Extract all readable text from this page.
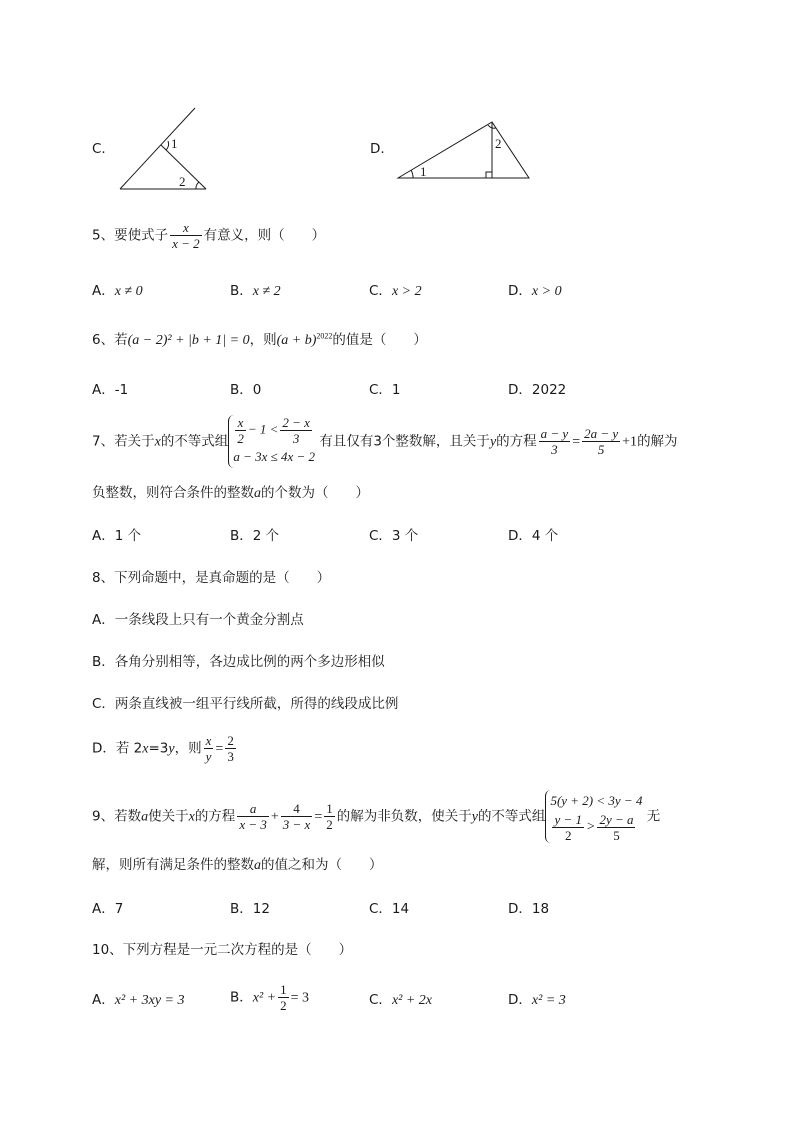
C.	1
2
D.
1
2
5、要使式子 $\frac{x}{x - 2}$ 有意义，则（　　）
A．x ≠ 0	B．x ≠ 2	C．x > 2	D．x > 0
6、若(a − 2)² + |b + 1| = 0，则$(a + b)^{2022}$的值是（　　）
A．-1	B．0	C．1	D．2022
7、若关于x的不等式组 $\frac{x}{2} - 1 < \frac{2 - x}{3}$
a − 3x ≤ 4x − 2
有且仅有3个整数解，且关于y的方程 $\frac{a - y}{3} = \frac{2a - y}{5} +1$的解为
负整数，则符合条件的整数a的个数为（　　）
A．1 个	B．2 个	C．3 个	D．4 个
8、下列命题中，是真命题的是（　　）
A．一条线段上只有一个黄金分割点
B．各角分别相等，各边成比例的两个多边形相似
C．两条直线被一组平行线所截，所得的线段成比例
D．若 2x=3y，则 $\frac{x}{y} = \frac{2}{3}$
9、若数a使关于x的方程 $\frac{a}{x - 3} + \frac{4}{3 - x} = \frac{1}{2}$ 的解为非负数，使关于y的不等式组
5(y + 2) < 3y − 4
$\frac{y - 1}{2} > \frac{2y - a}{5}$ 无
解，则所有满足条件的整数a的值之和为（　　）
A．7	B．12	C．14	D．18
10、下列方程是一元二次方程的是（　　）
A．x² + 3xy = 3	B．$x^2 + \frac{1}{2} = 3$	C．x² + 2x	D．x² = 3
